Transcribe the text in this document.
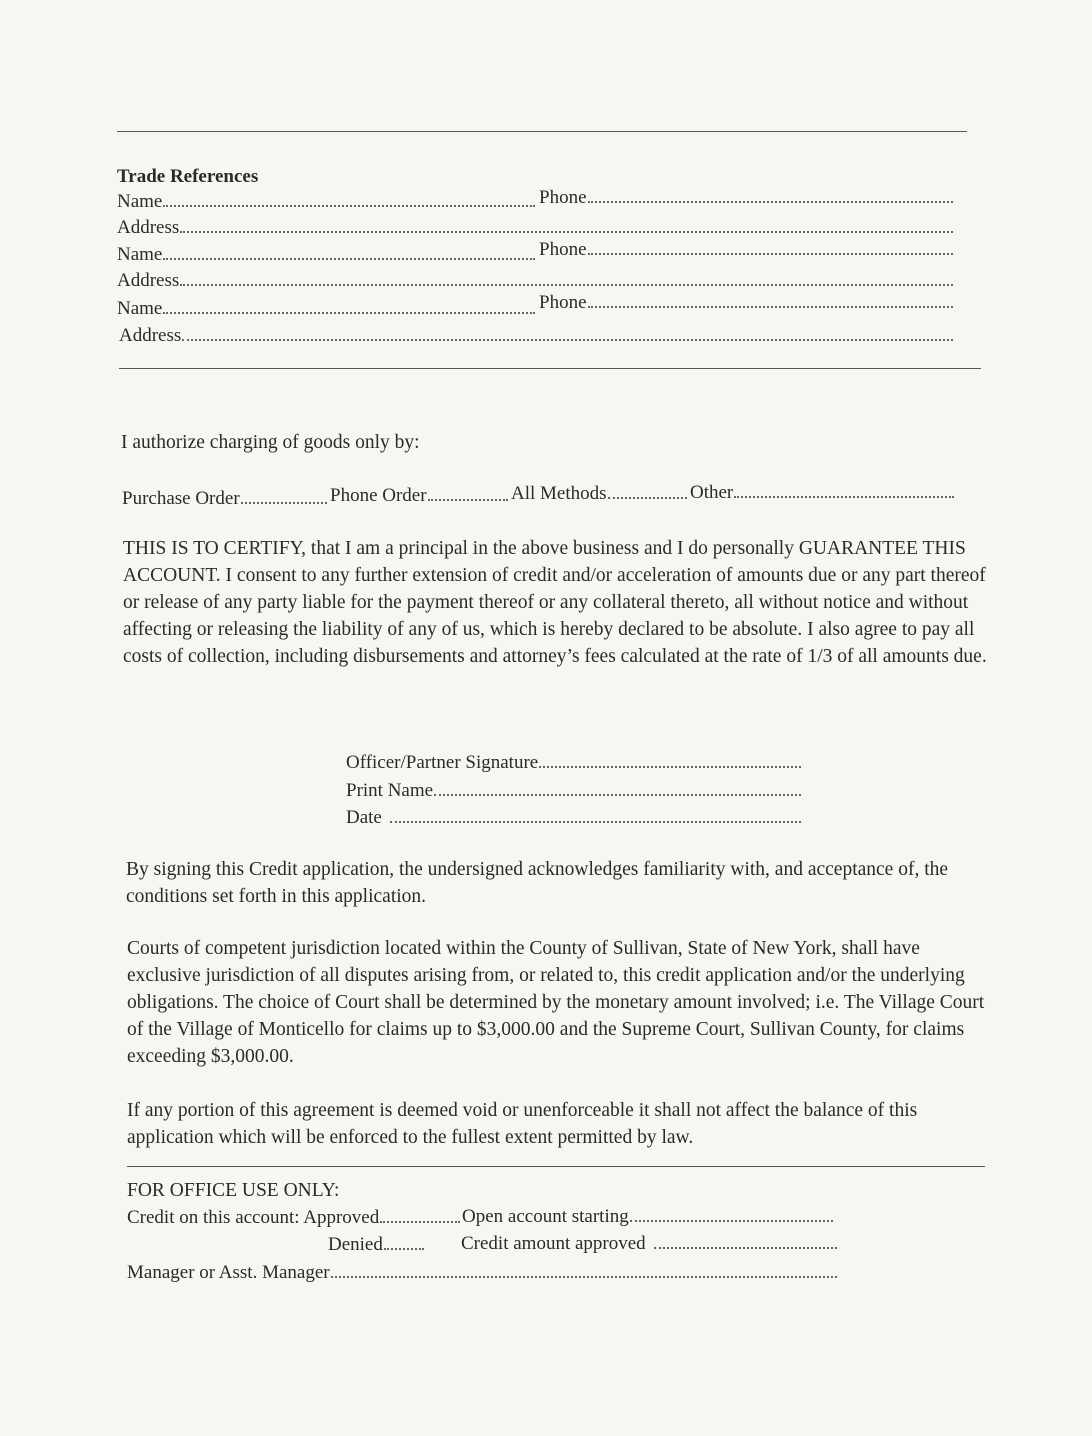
Trade References
Name	Phone
Address
Name	Phone
Address
Name	Phone
Address
I authorize charging of goods only by:
Purchase Order	Phone Order	All Methods	Other
THIS IS TO CERTIFY, that I am a principal in the above business and I do personally GUARANTEE THIS ACCOUNT. I consent to any further extension of credit and/or acceleration of amounts due or any part thereof or release of any party liable for the payment thereof or any collateral thereto, all without notice and without affecting or releasing the liability of any of us, which is hereby declared to be absolute. I also agree to pay all costs of collection, including disbursements and attorney’s fees calculated at the rate of 1/3 of all amounts due.
Officer/Partner Signature
Print Name
Date
By signing this Credit application, the undersigned acknowledges familiarity with, and acceptance of, the conditions set forth in this application.
Courts of competent jurisdiction located within the County of Sullivan, State of New York, shall have exclusive jurisdiction of all disputes arising from, or related to, this credit application and/or the underlying obligations. The choice of Court shall be determined by the monetary amount involved; i.e. The Village Court of the Village of Monticello for claims up to $3,000.00 and the Supreme Court, Sullivan County, for claims exceeding $3,000.00.
If any portion of this agreement is deemed void or unenforceable it shall not affect the balance of this application which will be enforced to the fullest extent permitted by law.
FOR OFFICE USE ONLY:
Credit on this account: Approved	Open account starting
Denied	Credit amount approved
Manager or Asst. Manager
